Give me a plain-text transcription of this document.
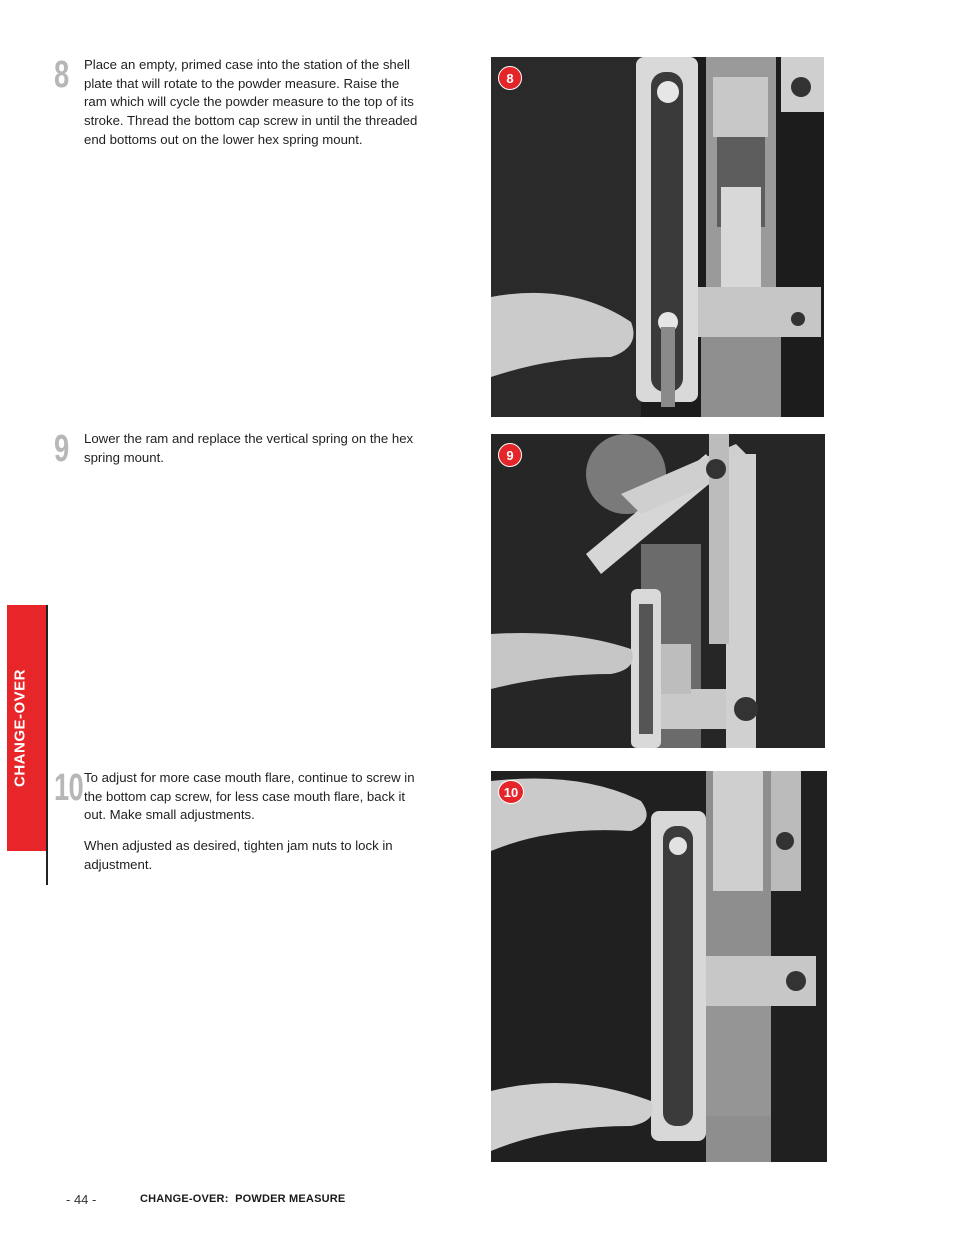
8	Place an empty, primed case into the station of the shell plate that will rotate to the powder measure. Raise the ram which will cycle the powder measure to the top of its stroke. Thread the bottom cap screw in until the threaded end bottoms out on the lower hex spring mount.

8
9	Lower the ram and replace the vertical spring on the hex spring mount.	9
10 To adjust for more case mouth flare, continue to screw in the bottom cap screw, for less case mouth flare, back it out. Make small adjustments.

When adjusted as desired, tighten jam nuts to lock in adjustment.

10
CHANGE-OVER
- 44 -	CHANGE-OVER:  POWDER MEASURE
